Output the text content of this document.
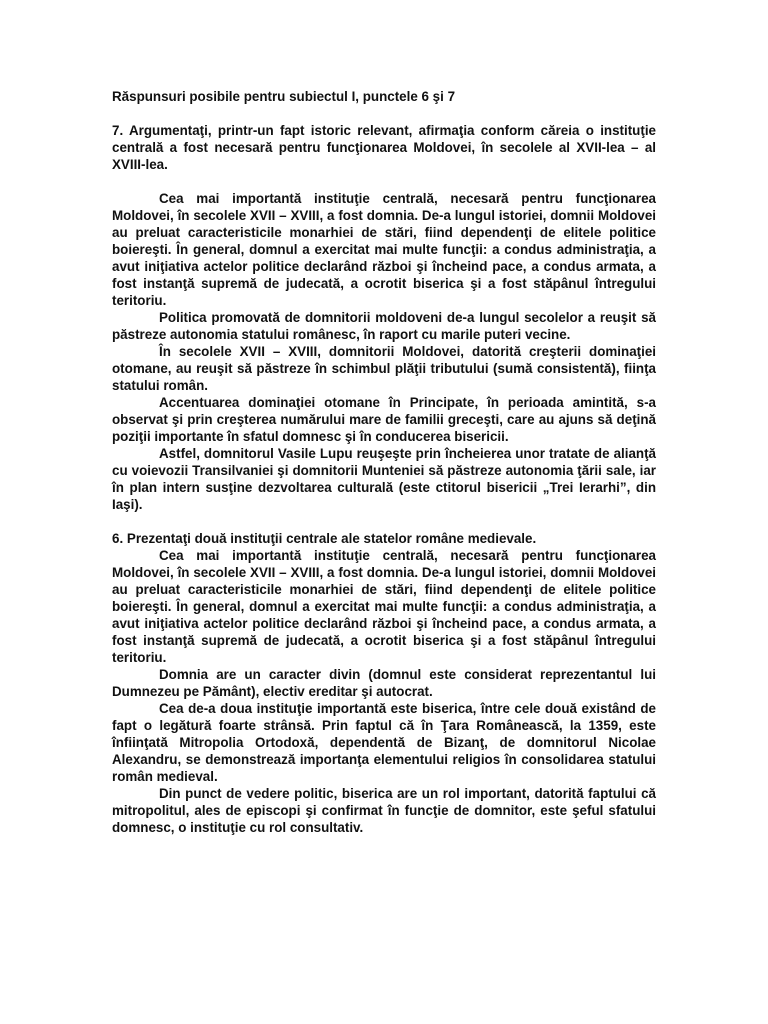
Răspunsuri posibile pentru subiectul I, punctele 6 şi 7

7. Argumentaţi, printr-un fapt istoric relevant, afirmaţia conform căreia o instituţie centrală a fost necesară pentru funcţionarea Moldovei, în secolele al XVII-lea – al XVIII-lea.

Cea mai importantă instituţie centrală, necesară pentru funcţionarea Moldovei, în secolele XVII – XVIII, a fost domnia. De-a lungul istoriei, domnii Moldovei au preluat caracteristicile monarhiei de stări, fiind dependenţi de elitele politice boiereşti. În general, domnul a exercitat mai multe funcţii: a condus administraţia, a avut iniţiativa actelor politice declarând război şi încheind pace, a condus armata, a fost instanţă supremă de judecată, a ocrotit biserica şi a fost stăpânul întregului teritoriu.

Politica promovată de domnitorii moldoveni de-a lungul secolelor a reuşit să păstreze autonomia statului românesc, în raport cu marile puteri vecine.

În secolele XVII – XVIII, domnitorii Moldovei, datorită creşterii dominaţiei otomane, au reuşit să păstreze în schimbul plăţii tributului (sumă consistentă), fiinţa statului român.

Accentuarea dominaţiei otomane în Principate, în perioada amintită, s-a observat şi prin creşterea numărului mare de familii greceşti, care au ajuns să deţină poziţii importante în sfatul domnesc şi în conducerea bisericii.

Astfel, domnitorul Vasile Lupu reuşeşte prin încheierea unor tratate de alianţă cu voievozii Transilvaniei şi domnitorii Munteniei să păstreze autonomia ţării sale, iar în plan intern susţine dezvoltarea culturală (este ctitorul bisericii „Trei Ierarhi”, din Iaşi).

6. Prezentaţi două instituţii centrale ale statelor române medievale.

Cea mai importantă instituţie centrală, necesară pentru funcţionarea Moldovei, în secolele XVII – XVIII, a fost domnia. De-a lungul istoriei, domnii Moldovei au preluat caracteristicile monarhiei de stări, fiind dependenţi de elitele politice boiereşti. În general, domnul a exercitat mai multe funcţii: a condus administraţia, a avut iniţiativa actelor politice declarând război şi încheind pace, a condus armata, a fost instanţă supremă de judecată, a ocrotit biserica şi a fost stăpânul întregului teritoriu.

Domnia are un caracter divin (domnul este considerat reprezentantul lui Dumnezeu pe Pământ), electiv ereditar şi autocrat.

Cea de-a doua instituţie importantă este biserica, între cele două existând de fapt o legătură foarte strânsă. Prin faptul că în Ţara Românească, la 1359, este înfiinţată Mitropolia Ortodoxă, dependentă de Bizanţ, de domnitorul Nicolae Alexandru, se demonstrează importanţa elementului religios în consolidarea statului român medieval.

Din punct de vedere politic, biserica are un rol important, datorită faptului că mitropolitul, ales de episcopi şi confirmat în funcţie de domnitor, este şeful sfatului domnesc, o instituţie cu rol consultativ.
